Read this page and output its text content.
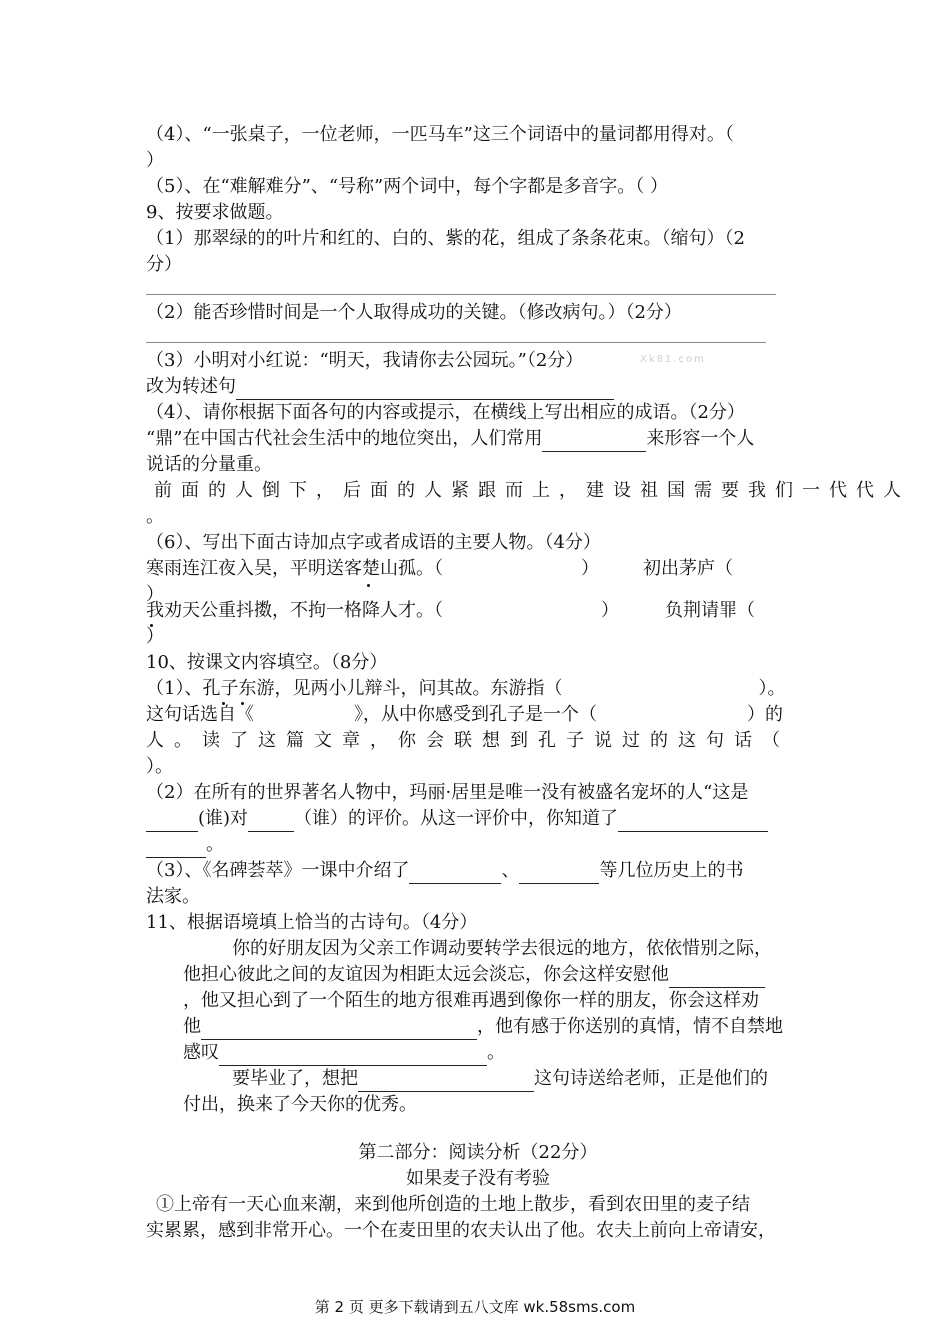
（4）、“一张桌子，一位老师，一匹马车”这三个词语中的量词都用得对。（
）
（5）、在“难解难分”、“号称”两个词中，每个字都是多音字。（ ）
9、按要求做题。
（1）那翠绿的的叶片和红的、白的、紫的花，组成了条条花束。（缩句）（2
分）
（2）能否珍惜时间是一个人取得成功的关键。（修改病句。）（2分）
（3）小明对小红说：“明天，我请你去公园玩。”（2分）	Xk81.com
改为转述句
（4）、请你根据下面各句的内容或提示，在横线上写出相应的成语。（2分）
“鼎”在中国古代社会生活中的地位突出，人们常用	来形容一个人
说话的分量重。
前面的人倒下，后面的人紧跟而上，建设祖国需要我们一代代人
。
（6）、写出下面古诗加点字或者成语的主要人物。（4分）
寒雨连江夜入吴，平明送客楚山孤。（	） 初出茅庐（
）
我劝天公重抖擞，不拘一格降人才。（	）	负荆请罪（
）
10、按课文内容填空。（8分）
（1）、孔子东游，见两小儿辩斗，问其故。东游指（	）。
这句话选自《	》，从中你感受到孔子是一个（	）的
人。读了这篇文章，你会联想到孔子说过的这句话（
）。
（2）在所有的世界著名人物中，玛丽·居里是唯一没有被盛名宠坏的人“这是
(谁)对	（谁）的评价。从这一评价中，你知道了
。
（3）、《名碑荟萃》一课中介绍了	、	等几位历史上的书
法家。
11、根据语境填上恰当的古诗句。（4分）
你的好朋友因为父亲工作调动要转学去很远的地方，依依惜别之际，
他担心彼此之间的友谊因为相距太远会淡忘，你会这样安慰他
，他又担心到了一个陌生的地方很难再遇到像你一样的朋友，你会这样劝
他	，他有感于你送别的真情，情不自禁地
感叹	。
要毕业了，想把	这句诗送给老师，正是他们的
付出，换来了今天你的优秀。
第二部分：阅读分析（22分）
如果麦子没有考验
①上帝有一天心血来潮，来到他所创造的土地上散步，看到农田里的麦子结
实累累，感到非常开心。一个在麦田里的农夫认出了他。农夫上前向上帝请安，
第 2 页 更多下载请到五八文库 wk.58sms.com
